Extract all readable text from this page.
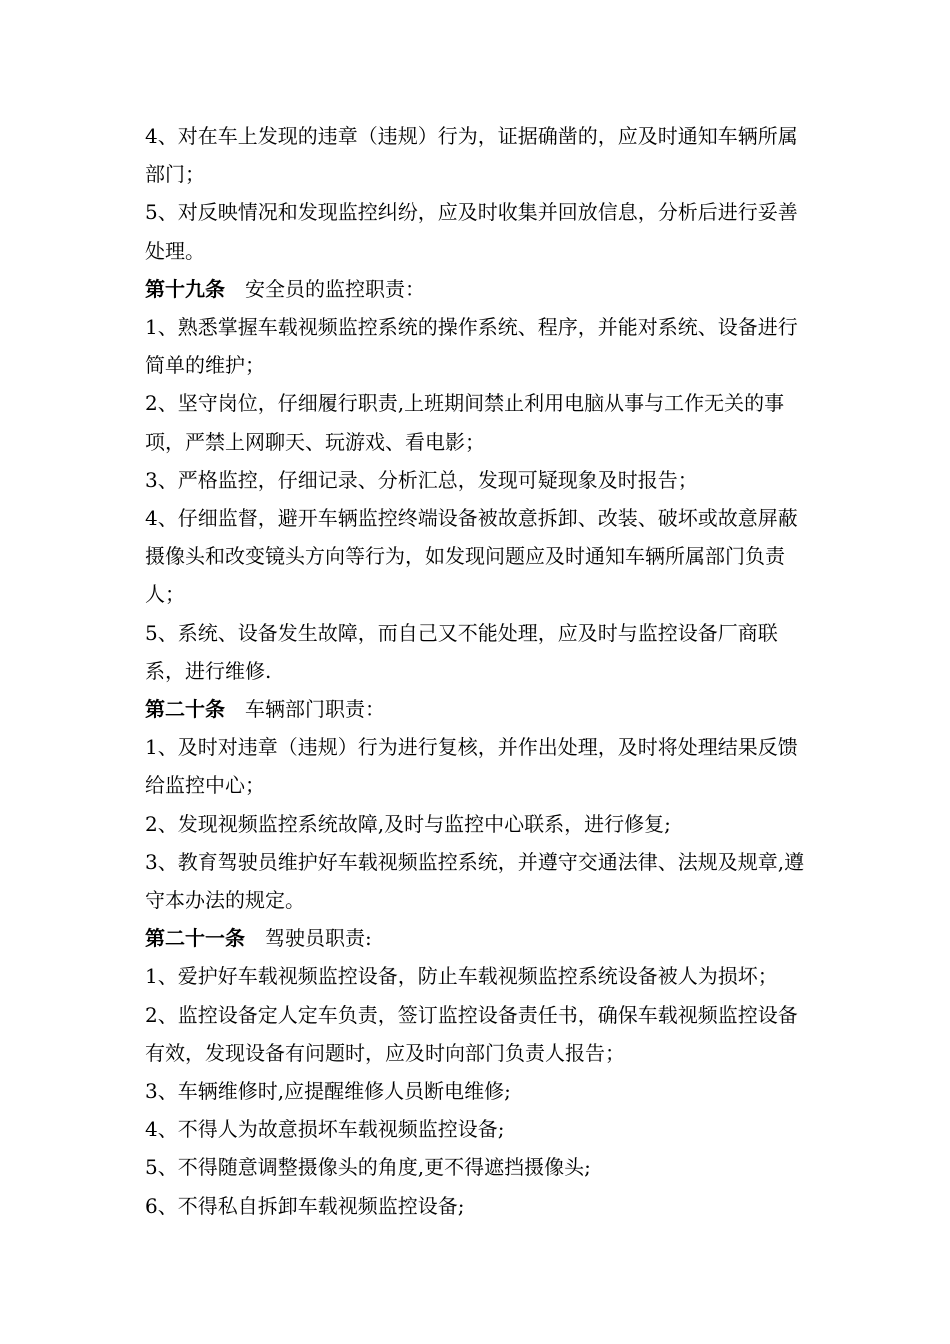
4、对在车上发现的违章（违规）行为，证据确凿的，应及时通知车辆所属部门；

5、对反映情况和发现监控纠纷，应及时收集并回放信息，分析后进行妥善处理。

第十九条 安全员的监控职责：

1、熟悉掌握车载视频监控系统的操作系统、程序，并能对系统、设备进行简单的维护；

2、坚守岗位，仔细履行职责,上班期间禁止利用电脑从事与工作无关的事项，严禁上网聊天、玩游戏、看电影；

3、严格监控，仔细记录、分析汇总，发现可疑现象及时报告；

4、仔细监督，避开车辆监控终端设备被故意拆卸、改装、破坏或故意屏蔽摄像头和改变镜头方向等行为，如发现问题应及时通知车辆所属部门负责人；

5、系统、设备发生故障，而自己又不能处理，应及时与监控设备厂商联系，进行维修.

第二十条 车辆部门职责：

1、及时对违章（违规）行为进行复核，并作出处理，及时将处理结果反馈给监控中心；

2、发现视频监控系统故障,及时与监控中心联系，进行修复;

3、教育驾驶员维护好车载视频监控系统，并遵守交通法律、法规及规章,遵守本办法的规定。

第二十一条 驾驶员职责:

1、爱护好车载视频监控设备，防止车载视频监控系统设备被人为损坏；

2、监控设备定人定车负责，签订监控设备责任书，确保车载视频监控设备有效，发现设备有问题时，应及时向部门负责人报告；

3、车辆维修时,应提醒维修人员断电维修;

4、不得人为故意损坏车载视频监控设备;

5、不得随意调整摄像头的角度,更不得遮挡摄像头;

6、不得私自拆卸车载视频监控设备;
